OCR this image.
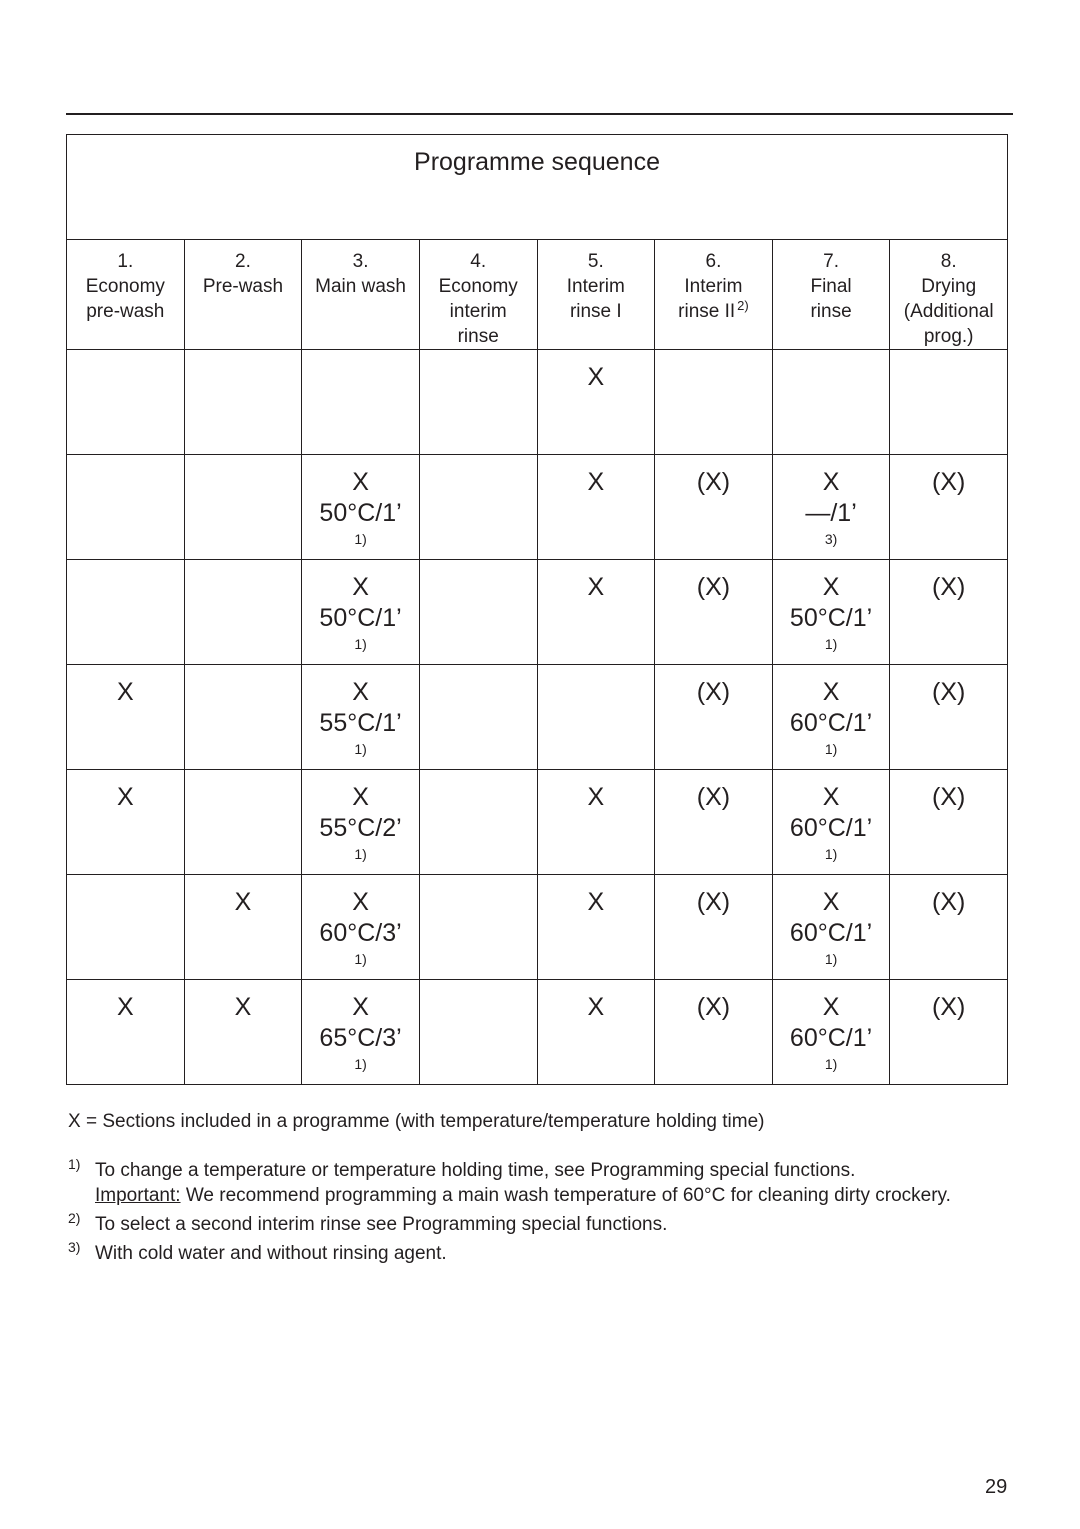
Programme sequence							

1.
Economy
pre-wash	2.
Pre-wash	3.
Main wash	4.
Economy
interim
rinse	5.
Interim
rinse I	6.
Interim
rinse II $^{2)}$	7.
Final
rinse	8.
Drying
(Additional
prog.)

				X			

		X
50°C/1’
1)		X	(X)	X
—/1’
3)	(X)

		X
50°C/1’
1)		X	(X)	X
50°C/1’
1)	(X)

X		X
55°C/1’
1)			(X)	X
60°C/1’
1)	(X)

X		X
55°C/2’
1)		X	(X)	X
60°C/1’
1)	(X)

	X	X
60°C/3’
1)		X	(X)	X
60°C/1’
1)	(X)

X	X	X
65°C/3’
1)		X	(X)	X
60°C/1’
1)	(X)
X = Sections included in a programme (with temperature/temperature holding time)
1) To change a temperature or temperature holding time, see Programming special functions.
Important: We recommend programming a main wash temperature of 60°C for cleaning dirty crockery.
2) To select a second interim rinse see Programming special functions.
3) With cold water and without rinsing agent.
29
